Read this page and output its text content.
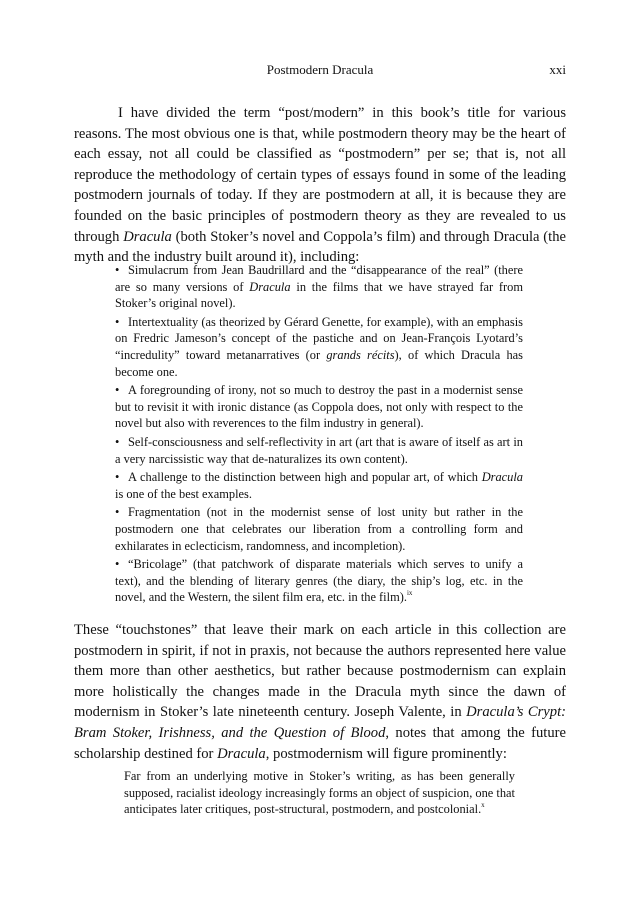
Postmodern Dracula	xxi

I have divided the term “post/modern” in this book’s title for various reasons. The most obvious one is that, while postmodern theory may be the heart of each essay, not all could be classified as “postmodern” per se; that is, not all reproduce the methodology of certain types of essays found in some of the leading postmodern journals of today. If they are postmodern at all, it is because they are founded on the basic principles of postmodern theory as they are revealed to us through Dracula (both Stoker’s novel and Coppola’s film) and through Dracula (the myth and the industry built around it), including:

• Simulacrum from Jean Baudrillard and the “disappearance of the real” (there are so many versions of Dracula in the films that we have strayed far from Stoker’s original novel).
• Intertextuality (as theorized by Gérard Genette, for example), with an emphasis on Fredric Jameson’s concept of the pastiche and on Jean-François Lyotard’s “incredulity” toward metanarratives (or grands récits), of which Dracula has become one.
• A foregrounding of irony, not so much to destroy the past in a modernist sense but to revisit it with ironic distance (as Coppola does, not only with respect to the novel but also with reverences to the film industry in general).
• Self-consciousness and self-reflectivity in art (art that is aware of itself as art in a very narcissistic way that de-naturalizes its own content).
• A challenge to the distinction between high and popular art, of which Dracula is one of the best examples.
• Fragmentation (not in the modernist sense of lost unity but rather in the postmodern one that celebrates our liberation from a controlling form and exhilarates in eclecticism, randomness, and incompletion).
• “Bricolage” (that patchwork of disparate materials which serves to unify a text), and the blending of literary genres (the diary, the ship’s log, etc. in the novel, and the Western, the silent film era, etc. in the film).$^{ix}$

These “touchstones” that leave their mark on each article in this collection are postmodern in spirit, if not in praxis, not because the authors represented here value them more than other aesthetics, but rather because postmodernism can explain more holistically the changes made in the Dracula myth since the dawn of modernism in Stoker’s late nineteenth century. Joseph Valente, in Dracula’s Crypt: Bram Stoker, Irishness, and the Question of Blood, notes that among the future scholarship destined for Dracula, postmodernism will figure prominently:

Far from an underlying motive in Stoker’s writing, as has been generally supposed, racialist ideology increasingly forms an object of suspicion, one that anticipates later critiques, post-structural, postmodern, and postcolonial.$^x$
